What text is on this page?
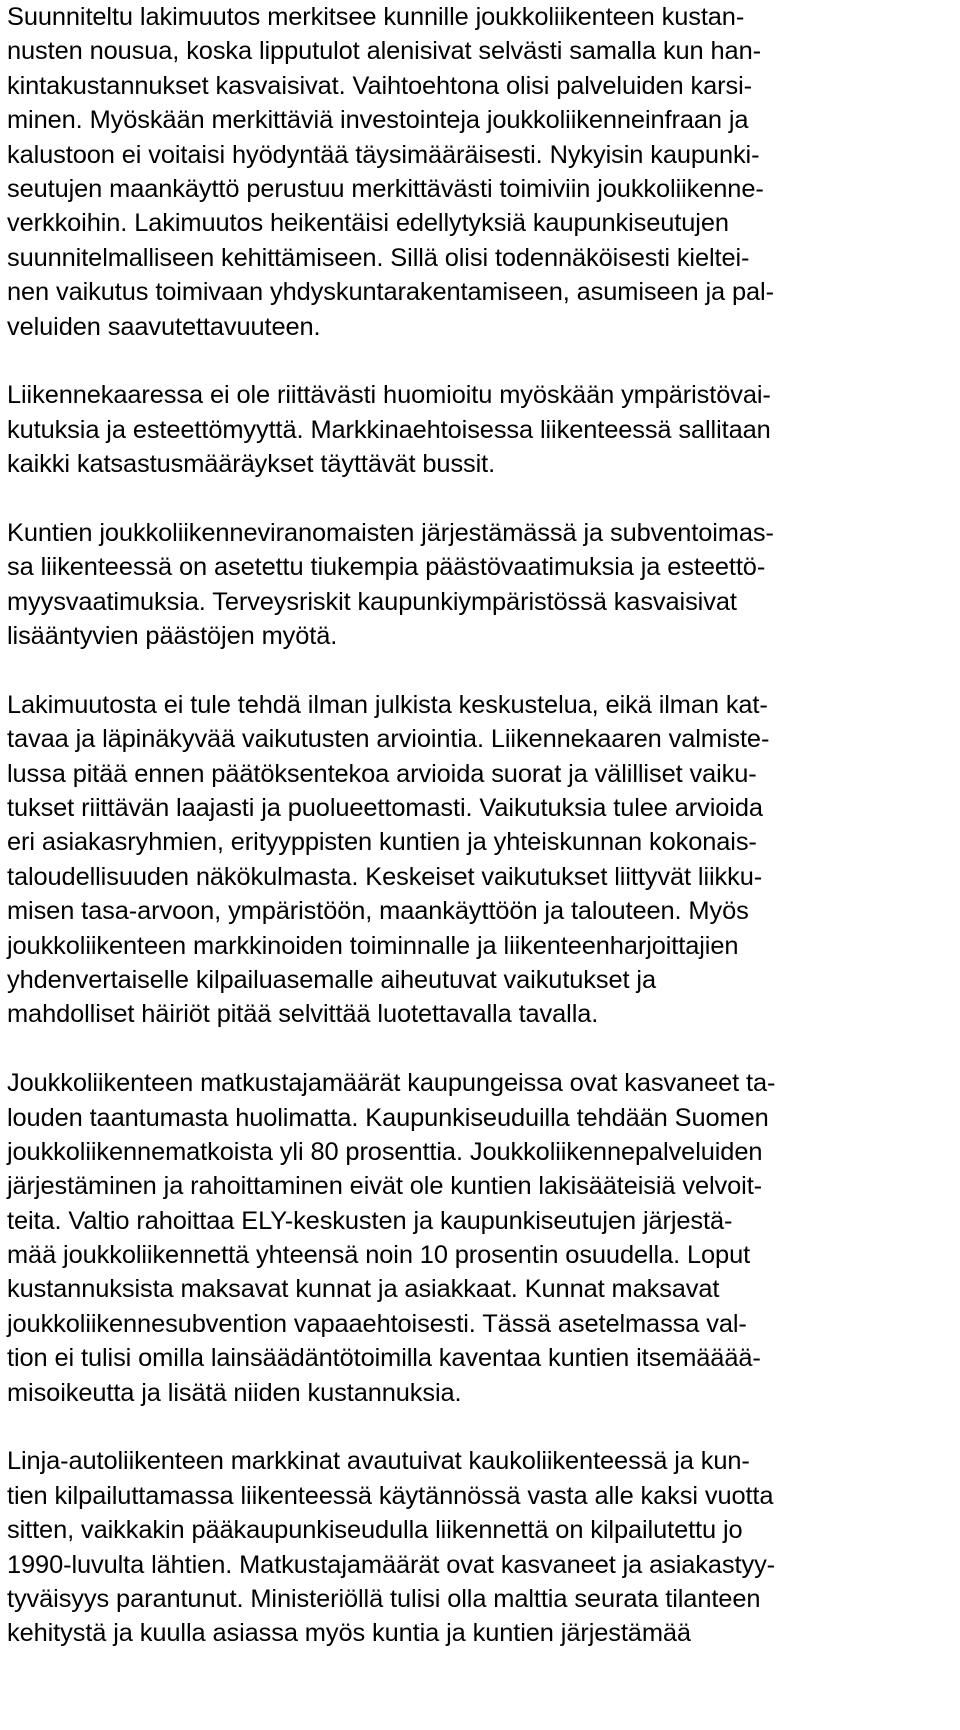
Suunniteltu lakimuutos merkitsee kunnille joukkoliikenteen kustan-
nusten nousua, koska lipputulot alenisivat selvästi samalla kun han-
kintakustannukset kasvaisivat. Vaihtoehtona olisi palveluiden karsi-
minen. Myöskään merkittäviä investointeja joukkoliikenneinfraan ja
kalustoon ei voitaisi hyödyntää täysimääräisesti. Nykyisin kaupunki-
seutujen maankäyttö perustuu merkittävästi toimiviin joukkoliikenne-
verkkoihin. Lakimuutos heikentäisi edellytyksiä kaupunkiseutujen
suunnitelmalliseen kehittämiseen. Sillä olisi todennäköisesti kieltei-
nen vaikutus toimivaan yhdyskuntarakentamiseen, asumiseen ja pal-
veluiden saavutettavuuteen.

Liikennekaaressa ei ole riittävästi huomioitu myöskään ympäristövai-
kutuksia ja esteettömyyttä. Markkinaehtoisessa liikenteessä sallitaan
kaikki katsastusmääräykset täyttävät bussit.

Kuntien joukkoliikenneviranomaisten järjestämässä ja subventoimas-
sa liikenteessä on asetettu tiukempia päästövaatimuksia ja esteettö-
myysvaatimuksia. Terveysriskit kaupunkiympäristössä kasvaisivat
lisääntyvien päästöjen myötä.

Lakimuutosta ei tule tehdä ilman julkista keskustelua, eikä ilman kat-
tavaa ja läpinäkyvää vaikutusten arviointia. Liikennekaaren valmiste-
lussa pitää ennen päätöksentekoa arvioida suorat ja välilliset vaiku-
tukset riittävän laajasti ja puolueettomasti. Vaikutuksia tulee arvioida
eri asiakasryhmien, erityyppisten kuntien ja yhteiskunnan kokonais-
taloudellisuuden näkökulmasta. Keskeiset vaikutukset liittyvät liikku-
misen tasa-arvoon, ympäristöön, maankäyttöön ja talouteen. Myös
joukkoliikenteen markkinoiden toiminnalle ja liikenteenharjoittajien
yhdenvertaiselle kilpailuasemalle aiheutuvat vaikutukset ja
mahdolliset häiriöt pitää selvittää luotettavalla tavalla.

Joukkoliikenteen matkustajamäärät kaupungeissa ovat kasvaneet ta-
louden taantumasta huolimatta. Kaupunkiseuduilla tehdään Suomen
joukkoliikennematkoista yli 80 prosenttia. Joukkoliikennepalveluiden
järjestäminen ja rahoittaminen eivät ole kuntien lakisääteisiä velvoit-
teita. Valtio rahoittaa ELY-keskusten ja kaupunkiseutujen järjestä-
mää joukkoliikennettä yhteensä noin 10 prosentin osuudella. Loput
kustannuksista maksavat kunnat ja asiakkaat. Kunnat maksavat
joukkoliikennesubvention vapaaehtoisesti. Tässä asetelmassa val-
tion ei tulisi omilla lainsäädäntötoimilla kaventaa kuntien itsemääää-
misoikeutta ja lisätä niiden kustannuksia.

Linja-autoliikenteen markkinat avautuivat kaukoliikenteessä ja kun-
tien kilpailuttamassa liikenteessä käytännössä vasta alle kaksi vuotta
sitten, vaikkakin pääkaupunkiseudulla liikennettä on kilpailutettu jo
1990-luvulta lähtien. Matkustajamäärät ovat kasvaneet ja asiakastyy-
tyväisyys parantunut. Ministeriöllä tulisi olla malttia seurata tilanteen
kehitystä ja kuulla asiassa myös kuntia ja kuntien järjestämää
